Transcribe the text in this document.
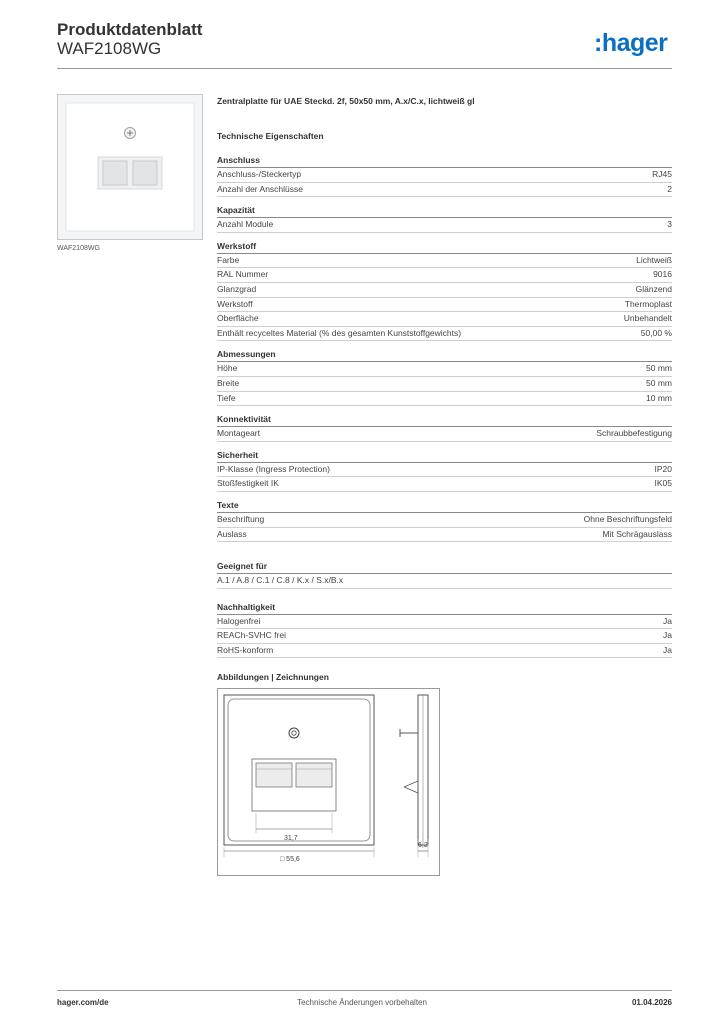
Produktdatenblatt
WAF2108WG	:hager
WAF2108WG
Zentralplatte für UAE Steckd. 2f, 50x50 mm, A.x/C.x, lichtweiß gl
Technische Eigenschaften
Anschluss
Anschluss-/Steckertyp	RJ45
Anzahl der Anschlüsse	2
Kapazität
Anzahl Module	3
Werkstoff
Farbe	Lichtweiß
RAL Nummer	9016
Glanzgrad	Glänzend
Werkstoff	Thermoplast
Oberfläche	Unbehandelt
Enthält recyceltes Material (% des gesamten Kunststoffgewichts)	50,00 %
Abmessungen
Höhe	50 mm
Breite	50 mm
Tiefe	10 mm
Konnektivität
Montageart	Schraubbefestigung
Sicherheit
IP-Klasse (Ingress Protection)	IP20
Stoßfestigkeit IK	IK05
Texte
Beschriftung	Ohne Beschriftungsfeld
Auslass	Mit Schrägauslass
Geeignet für
A.1 / A.8 / C.1 / C.8 / K.x / S.x/B.x
Nachhaltigkeit
Halogenfrei	Ja
REACh-SVHC frei	Ja
RoHS-konform	Ja
Abbildungen | Zeichnungen
31,7
□ 55,6
6,2
hager.com/de	Technische Änderungen vorbehalten	01.04.2026
